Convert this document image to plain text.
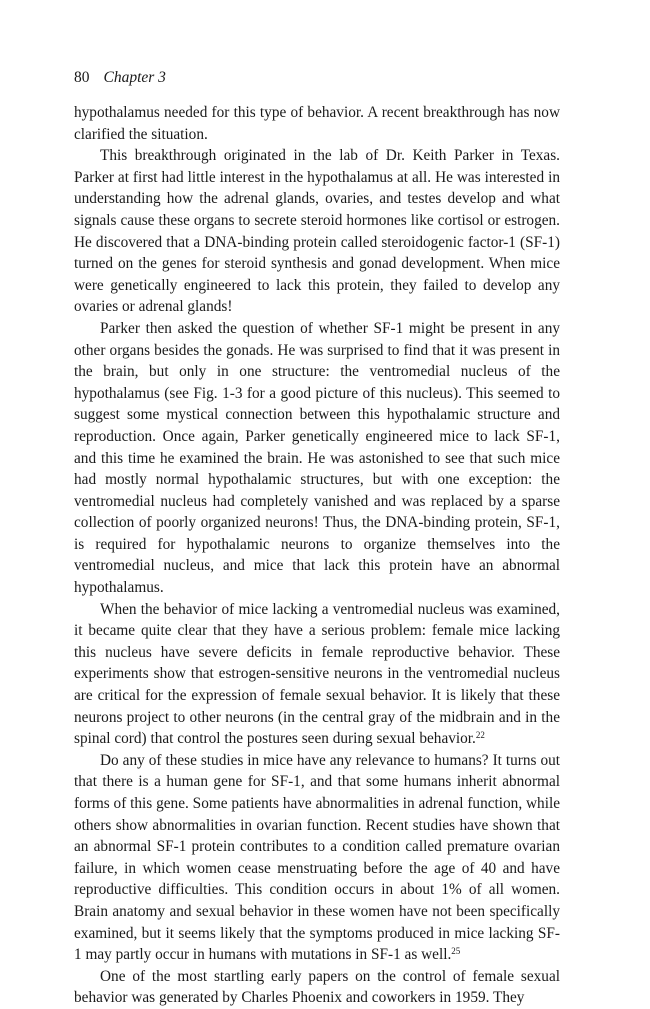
80 Chapter 3

hypothalamus needed for this type of behavior. A recent breakthrough has now clarified the situation.

This breakthrough originated in the lab of Dr. Keith Parker in Texas. Parker at first had little interest in the hypothalamus at all. He was interested in understanding how the adrenal glands, ovaries, and testes develop and what signals cause these organs to secrete steroid hormones like cortisol or estrogen. He discovered that a DNA-binding protein called steroidogenic factor-1 (SF-1) turned on the genes for steroid synthesis and gonad development. When mice were genetically engineered to lack this protein, they failed to develop any ovaries or adrenal glands!

Parker then asked the question of whether SF-1 might be present in any other organs besides the gonads. He was surprised to find that it was present in the brain, but only in one structure: the ventromedial nucleus of the hypothalamus (see Fig. 1-3 for a good picture of this nucleus). This seemed to suggest some mystical connection between this hypothalamic structure and reproduction. Once again, Parker genetically engineered mice to lack SF-1, and this time he examined the brain. He was astonished to see that such mice had mostly normal hypothalamic structures, but with one exception: the ventromedial nucleus had completely vanished and was replaced by a sparse collection of poorly organized neurons! Thus, the DNA-binding protein, SF-1, is required for hypothalamic neurons to organize themselves into the ventromedial nucleus, and mice that lack this protein have an abnormal hypothalamus.

When the behavior of mice lacking a ventromedial nucleus was examined, it became quite clear that they have a serious problem: female mice lacking this nucleus have severe deficits in female reproductive behavior. These experiments show that estrogen-sensitive neurons in the ventromedial nucleus are critical for the expression of female sexual behavior. It is likely that these neurons project to other neurons (in the central gray of the midbrain and in the spinal cord) that control the postures seen during sexual behavior.$^{22}$

Do any of these studies in mice have any relevance to humans? It turns out that there is a human gene for SF-1, and that some humans inherit abnormal forms of this gene. Some patients have abnormalities in adrenal function, while others show abnormalities in ovarian function. Recent studies have shown that an abnormal SF-1 protein contributes to a condition called premature ovarian failure, in which women cease menstruating before the age of 40 and have reproductive difficulties. This condition occurs in about 1% of all women. Brain anatomy and sexual behavior in these women have not been specifically examined, but it seems likely that the symptoms produced in mice lacking SF-1 may partly occur in humans with mutations in SF-1 as well.$^{25}$

One of the most startling early papers on the control of female sexual behavior was generated by Charles Phoenix and coworkers in 1959. They
